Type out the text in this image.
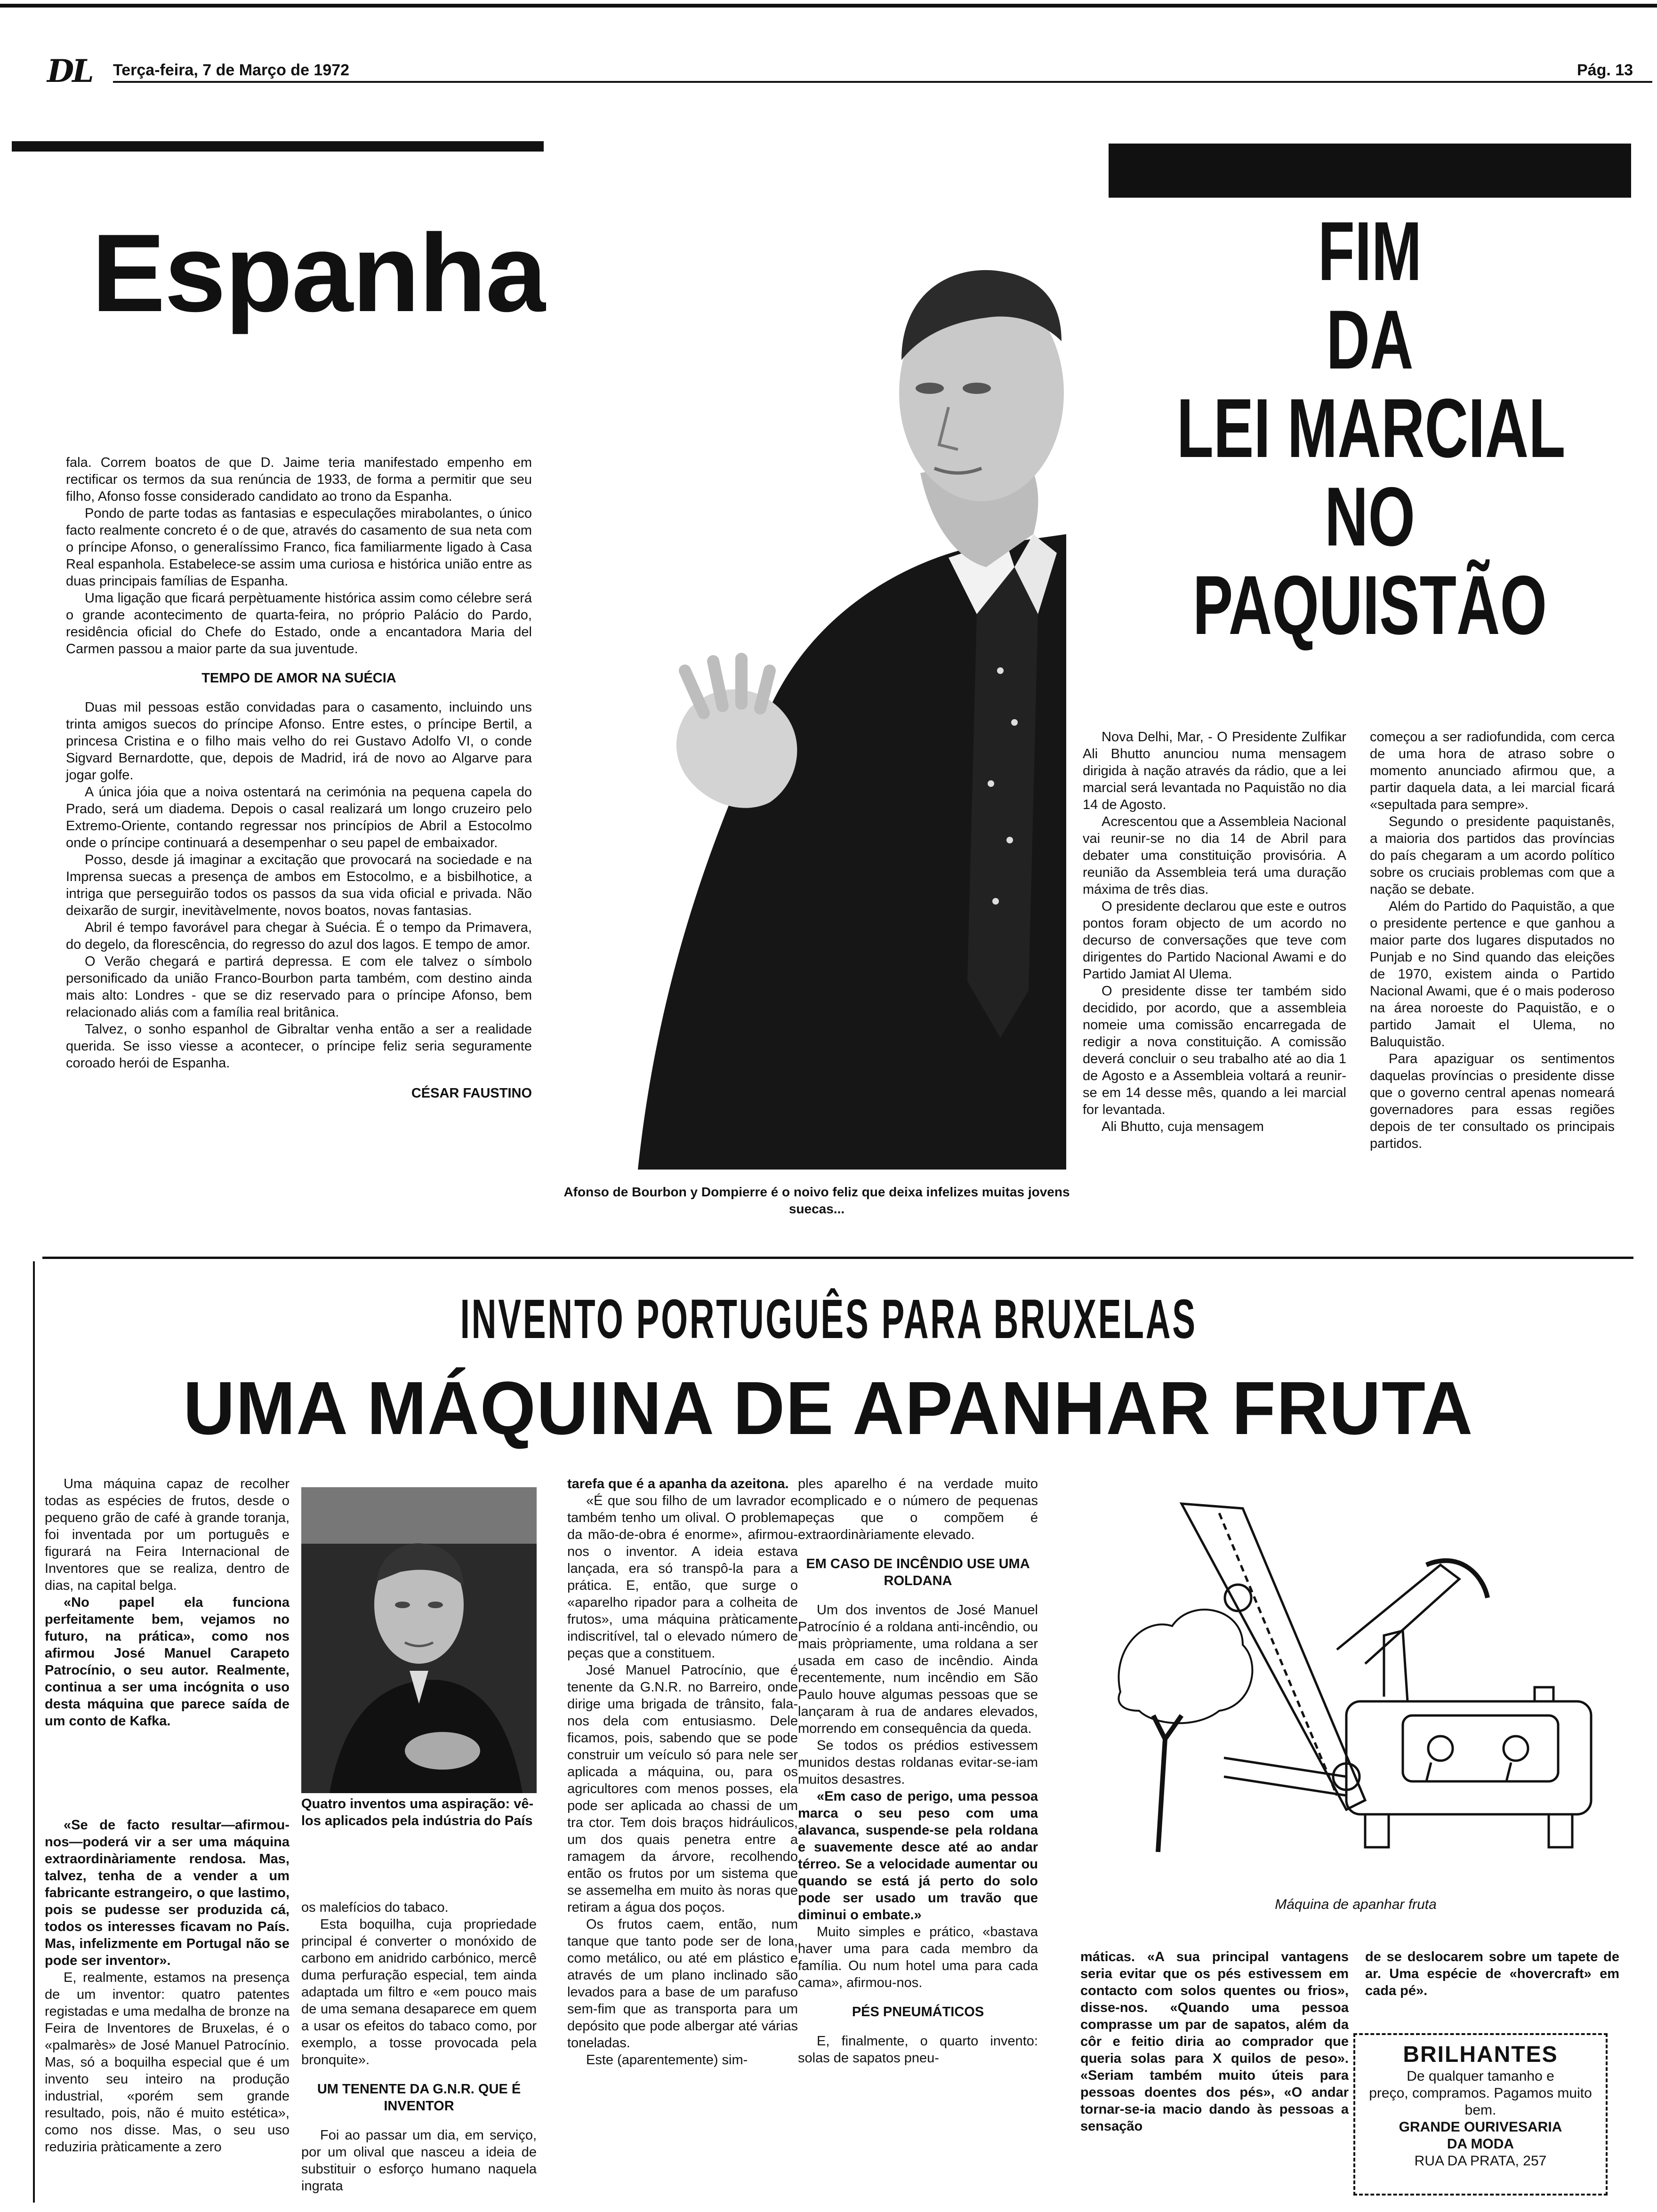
DL Terça-feira, 7 de Março de 1972	Pág. 13
Espanha

fala. Correm boatos de que D. Jaime teria manifestado empenho em rectificar os termos da sua renúncia de 1933, de forma a permitir que seu filho, Afonso fosse considerado candidato ao trono da Espanha.

Pondo de parte todas as fantasias e especulações mirabolantes, o único facto realmente concreto é o de que, através do casamento de sua neta com o príncipe Afonso, o generalíssimo Franco, fica familiarmente ligado à Casa Real espanhola. Estabelece-se assim uma curiosa e histórica união entre as duas principais famílias de Espanha.

Uma ligação que ficará perpètuamente histórica assim como célebre será o grande acontecimento de quarta-feira, no próprio Palácio do Pardo, residência oficial do Chefe do Estado, onde a encantadora Maria del Carmen passou a maior parte da sua juventude.

TEMPO DE AMOR NA SUÉCIA

Duas mil pessoas estão convidadas para o casamento, incluindo uns trinta amigos suecos do príncipe Afonso. Entre estes, o príncipe Bertil, a princesa Cristina e o filho mais velho do rei Gustavo Adolfo VI, o conde Sigvard Bernardotte, que, depois de Madrid, irá de novo ao Algarve para jogar golfe.

A única jóia que a noiva ostentará na cerimónia na pequena capela do Prado, será um diadema. Depois o casal realizará um longo cruzeiro pelo Extremo-Oriente, contando regressar nos princípios de Abril a Estocolmo onde o príncipe continuará a desempenhar o seu papel de embaixador.

Posso, desde já imaginar a excitação que provocará na sociedade e na Imprensa suecas a presença de ambos em Estocolmo, e a bisbilhotice, a intriga que perseguirão todos os passos da sua vida oficial e privada. Não deixarão de surgir, inevitàvelmente, novos boatos, novas fantasias.

Abril é tempo favorável para chegar à Suécia. É o tempo da Primavera, do degelo, da florescência, do regresso do azul dos lagos. E tempo de amor.

O Verão chegará e partirá depressa. E com ele talvez o símbolo personificado da união Franco-Bourbon parta também, com destino ainda mais alto: Londres - que se diz reservado para o príncipe Afonso, bem relacionado aliás com a família real britânica.

Talvez, o sonho espanhol de Gibraltar venha então a ser a realidade querida. Se isso viesse a acontecer, o príncipe feliz seria seguramente coroado herói de Espanha.

CÉSAR FAUSTINO
Afonso de Bourbon y Dompierre é o noivo feliz que deixa infelizes muitas jovens suecas...
FIM
DA
LEI MARCIAL
NO
PAQUISTÃO

Nova Delhi, Mar, - O Presidente Zulfikar Ali Bhutto anunciou numa mensagem dirigida à nação através da rádio, que a lei marcial será levantada no Paquistão no dia 14 de Agosto.

Acrescentou que a Assembleia Nacional vai reunir-se no dia 14 de Abril para debater uma constituição provisória. A reunião da Assembleia terá uma duração máxima de três dias.

O presidente declarou que este e outros pontos foram objecto de um acordo no decurso de conversações que teve com dirigentes do Partido Nacional Awami e do Partido Jamiat Al Ulema.

O presidente disse ter também sido decidido, por acordo, que a assembleia nomeie uma comissão encarregada de redigir a nova constituição. A comissão deverá concluir o seu trabalho até ao dia 1 de Agosto e a Assembleia voltará a reunir-se em 14 desse mês, quando a lei marcial for levantada.

Ali Bhutto, cuja mensagem

começou a ser radiofundida, com cerca de uma hora de atraso sobre o momento anunciado afirmou que, a partir daquela data, a lei marcial ficará «sepultada para sempre».

Segundo o presidente paquistanês, a maioria dos partidos das províncias do país chegaram a um acordo político sobre os cruciais problemas com que a nação se debate.

Além do Partido do Paquistão, a que o presidente pertence e que ganhou a maior parte dos lugares disputados no Punjab e no Sind quando das eleições de 1970, existem ainda o Partido Nacional Awami, que é o mais poderoso na área noroeste do Paquistão, e o partido Jamait el Ulema, no Baluquistão.

Para apaziguar os sentimentos daquelas províncias o presidente disse que o governo central apenas nomeará governadores para essas regiões depois de ter consultado os principais partidos.

INVENTO PORTUGUÊS PARA BRUXELAS
UMA MÁQUINA DE APANHAR FRUTA

Uma máquina capaz de recolher todas as espécies de frutos, desde o pequeno grão de café à grande toranja, foi inventada por um português e figurará na Feira Internacional de Inventores que se realiza, dentro de dias, na capital belga.

«No papel ela funciona perfeitamente bem, vejamos no futuro, na prática», como nos afirmou José Manuel Carapeto Patrocínio, o seu autor. Realmente, continua a ser uma incógnita o uso desta máquina que parece saída de um conto de Kafka.

«Se de facto resultar—afirmou-nos—poderá vir a ser uma máquina extraordinàriamente rendosa. Mas, talvez, tenha de a vender a um fabricante estrangeiro, o que lastimo, pois se pudesse ser produzida cá, todos os interesses ficavam no País. Mas, infelizmente em Portugal não se pode ser inventor».

E, realmente, estamos na presença de um inventor: quatro patentes registadas e uma medalha de bronze na Feira de Inventores de Bruxelas, é o «palmarès» de José Manuel Patrocínio. Mas, só a boquilha especial que é um invento seu inteiro na produção industrial, «porém sem grande resultado, pois, não é muito estética», como nos disse. Mas, o seu uso reduziria pràticamente a zero

Quatro inventos uma aspiração: vê-los aplicados pela indústria do País

os malefícios do tabaco.

Esta boquilha, cuja propriedade principal é converter o monóxido de carbono em anidrido carbónico, mercê duma perfuração especial, tem ainda adaptada um filtro e «em pouco mais de uma semana desaparece em quem a usar os efeitos do tabaco como, por exemplo, a tosse provocada pela bronquite».

UM TENENTE DA G.N.R. QUE É INVENTOR

Foi ao passar um dia, em serviço, por um olival que nasceu a ideia de substituir o esforço humano naquela ingrata

tarefa que é a apanha da azeitona.

«É que sou filho de um lavrador e também tenho um olival. O problema da mão-de-obra é enorme», afirmou-nos o inventor. A ideia estava lançada, era só transpô-la para a prática. E, então, que surge o «aparelho ripador para a colheita de frutos», uma máquina pràticamente indiscritível, tal o elevado número de peças que a constituem.

José Manuel Patrocínio, que é tenente da G.N.R. no Barreiro, onde dirige uma brigada de trânsito, fala-nos dela com entusiasmo. Dele ficamos, pois, sabendo que se pode construir um veículo só para nele ser aplicada a máquina, ou, para os agricultores com menos posses, ela pode ser aplicada ao chassi de um tra ctor. Tem dois braços hidráulicos, um dos quais penetra entre a ramagem da árvore, recolhendo então os frutos por um sistema que se assemelha em muito às noras que retiram a água dos poços.

Os frutos caem, então, num tanque que tanto pode ser de lona, como metálico, ou até em plástico e através de um plano inclinado são levados para a base de um parafuso sem-fim que as transporta para um depósito que pode albergar até várias toneladas.

Este (aparentemente) sim-

ples aparelho é na verdade muito complicado e o número de pequenas peças que o compõem é extraordinàriamente elevado.

EM CASO DE INCÊNDIO USE UMA ROLDANA

Um dos inventos de José Manuel Patrocínio é a roldana anti-incêndio, ou mais pròpriamente, uma roldana a ser usada em caso de incêndio. Ainda recentemente, num incêndio em São Paulo houve algumas pessoas que se lançaram à rua de andares elevados, morrendo em consequência da queda.

Se todos os prédios estivessem munidos destas roldanas evitar-se-iam muitos desastres.

«Em caso de perigo, uma pessoa marca o seu peso com uma alavanca, suspende-se pela roldana e suavemente desce até ao andar térreo. Se a velocidade aumentar ou quando se está já perto do solo pode ser usado um travão que diminui o embate.»

Muito simples e prático, «bastava haver uma para cada membro da família. Ou num hotel uma para cada cama», afirmou-nos.

PÉS PNEUMÁTICOS

E, finalmente, o quarto invento: solas de sapatos pneu-

Máquina de apanhar fruta

máticas. «A sua principal vantagens seria evitar que os pés estivessem em contacto com solos quentes ou frios», disse-nos. «Quando uma pessoa comprasse um par de sapatos, além da côr e feitio diria ao comprador que queria solas para X quilos de peso». «Seriam também muito úteis para pessoas doentes dos pés», «O andar tornar-se-ia macio dando às pessoas a sensação

de se deslocarem sobre um tapete de ar. Uma espécie de «hovercraft» em cada pé».

BRILHANTES
De qualquer tamanho e
preço, compramos. Pagamos muito bem.
GRANDE OURIVESARIA
DA MODA
RUA DA PRATA, 257
